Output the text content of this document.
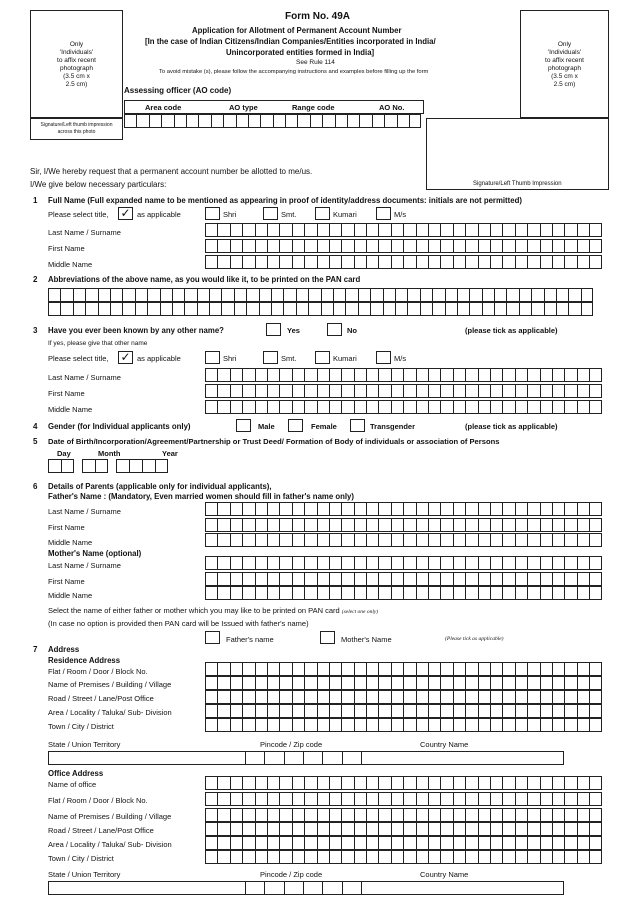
Form No. 49A
Application for Allotment of Permanent Account Number
[In the case of Indian Citizens/Indian Companies/Entities incorporated in India/
Unincorporated entities formed in India]
See Rule 114
To avoid mistake (s), please follow the accompanying instructions and examples before filling up the form
Only
'Individuals'
to affix recent
photograph
(3.5 cm x
2.5 cm)
Signature/Left thumb impression
across this photo
Only
'Individuals'
to affix recent
photograph
(3.5 cm x
2.5 cm)
Signature/Left Thumb Impression
Assessing officer (AO code)
Area code	AO type	Range code	AO No.
Sir, I/We hereby request that a permanent account number be allotted to me/us.
I/We give below necessary particulars:
1 Full Name (Full expanded name to be mentioned as appearing in proof of identity/address documents: initials are not permitted)
Please select title, ✓ as applicable	Shri	Smt.	Kumari	M/s
Last Name / Surname
First Name
Middle Name
2 Abbreviations of the above name, as you would like it, to be printed on the PAN card
3 Have you ever been known by any other name?	Yes	No	(please tick as applicable)
If yes, please give that other name
Please select title, ✓ as applicable	Shri	Smt.	Kumari	M/s
Last Name / Surname
First Name
Middle Name
4 Gender (for Individual applicants only)	Male	Female	Transgender	(please tick as applicable)
5 Date of Birth/Incorporation/Agreement/Partnership or Trust Deed/ Formation of Body of individuals or association of Persons
Day	Month	Year
6 Details of Parents (applicable only for individual applicants),
Father's Name : (Mandatory, Even married women should fill in father's name only)
Last Name / Surname
First Name
Middle Name
Mother's Name (optional)
Last Name / Surname
First Name
Middle Name
Select the name of either father or mother which you may like to be printed on PAN card (select one only)
(In case no option is provided then PAN card will be Issued with father's name)
Father's name	Mother's Name	(Please tick as applicable)
7 Address
Residence Address
Flat / Room / Door / Block No.
Name of Premises / Building / Village
Road / Street / Lane/Post Office
Area / Locality / Taluka/ Sub- Division
Town / City / District
State / Union Territory	Pincode / Zip code	Country Name
Office Address
Name of office
Flat / Room / Door / Block No.
Name of Premises / Building / Village
Road / Street / Lane/Post Office
Area / Locality / Taluka/ Sub- Division
Town / City / District
State / Union Territory	Pincode / Zip code	Country Name
